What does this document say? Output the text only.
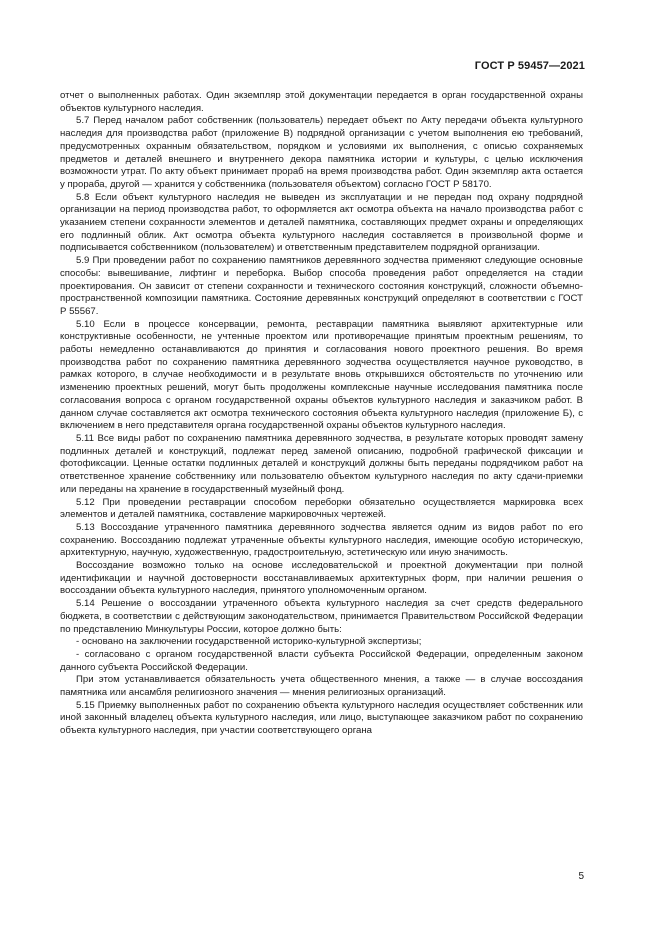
ГОСТ Р 59457—2021

отчет о выполненных работах. Один экземпляр этой документации передается в орган государственной охраны объектов культурного наследия.

5.7 Перед началом работ собственник (пользователь) передает объект по Акту передачи объекта культурного наследия для производства работ (приложение В) подрядной организации с учетом выполнения ею требований, предусмотренных охранным обязательством, порядком и условиями их выполнения, с описью сохраняемых предметов и деталей внешнего и внутреннего декора памятника истории и культуры, с целью исключения возможности утрат. По акту объект принимает прораб на время производства работ. Один экземпляр акта остается у прораба, другой — хранится у собственника (пользователя объектом) согласно ГОСТ Р 58170.

5.8 Если объект культурного наследия не выведен из эксплуатации и не передан под охрану подрядной организации на период производства работ, то оформляется акт осмотра объекта на начало производства работ с указанием степени сохранности элементов и деталей памятника, составляющих предмет охраны и определяющих его подлинный облик. Акт осмотра объекта культурного наследия составляется в произвольной форме и подписывается собственником (пользователем) и ответственным представителем подрядной организации.

5.9 При проведении работ по сохранению памятников деревянного зодчества применяют следующие основные способы: вывешивание, лифтинг и переборка. Выбор способа проведения работ определяется на стадии проектирования. Он зависит от степени сохранности и технического состояния конструкций, сложности объемно-пространственной композиции памятника. Состояние деревянных конструкций определяют в соответствии с ГОСТ Р 55567.

5.10 Если в процессе консервации, ремонта, реставрации памятника выявляют архитектурные или конструктивные особенности, не учтенные проектом или противоречащие принятым проектным решениям, то работы немедленно останавливаются до принятия и согласования нового проектного решения. Во время производства работ по сохранению памятника деревянного зодчества осуществляется научное руководство, в рамках которого, в случае необходимости и в результате вновь открывшихся обстоятельств по уточнению или изменению проектных решений, могут быть продолжены комплексные научные исследования памятника после согласования вопроса с органом государственной охраны объектов культурного наследия и заказчиком работ. В данном случае составляется акт осмотра технического состояния объекта культурного наследия (приложение Б), с включением в него представителя органа государственной охраны объектов культурного наследия.

5.11 Все виды работ по сохранению памятника деревянного зодчества, в результате которых проводят замену подлинных деталей и конструкций, подлежат перед заменой описанию, подробной графической фиксации и фотофиксации. Ценные остатки подлинных деталей и конструкций должны быть переданы подрядчиком работ на ответственное хранение собственнику или пользователю объектом культурного наследия по акту сдачи-приемки или переданы на хранение в государственный музейный фонд.

5.12 При проведении реставрации способом переборки обязательно осуществляется маркировка всех элементов и деталей памятника, составление маркировочных чертежей.

5.13 Воссоздание утраченного памятника деревянного зодчества является одним из видов работ по его сохранению. Воссозданию подлежат утраченные объекты культурного наследия, имеющие особую историческую, архитектурную, научную, художественную, градостроительную, эстетическую или иную значимость.

Воссоздание возможно только на основе исследовательской и проектной документации при полной идентификации и научной достоверности восстанавливаемых архитектурных форм, при наличии решения о воссоздании объекта культурного наследия, принятого уполномоченным органом.

5.14 Решение о воссоздании утраченного объекта культурного наследия за счет средств федерального бюджета, в соответствии с действующим законодательством, принимается Правительством Российской Федерации по представлению Минкультуры России, которое должно быть:

- основано на заключении государственной историко-культурной экспертизы;

- согласовано с органом государственной власти субъекта Российской Федерации, определенным законом данного субъекта Российской Федерации.

При этом устанавливается обязательность учета общественного мнения, а также — в случае воссоздания памятника или ансамбля религиозного значения — мнения религиозных организаций.

5.15 Приемку выполненных работ по сохранению объекта культурного наследия осуществляет собственник или иной законный владелец объекта культурного наследия, или лицо, выступающее заказчиком работ по сохранению объекта культурного наследия, при участии соответствующего органа

5
